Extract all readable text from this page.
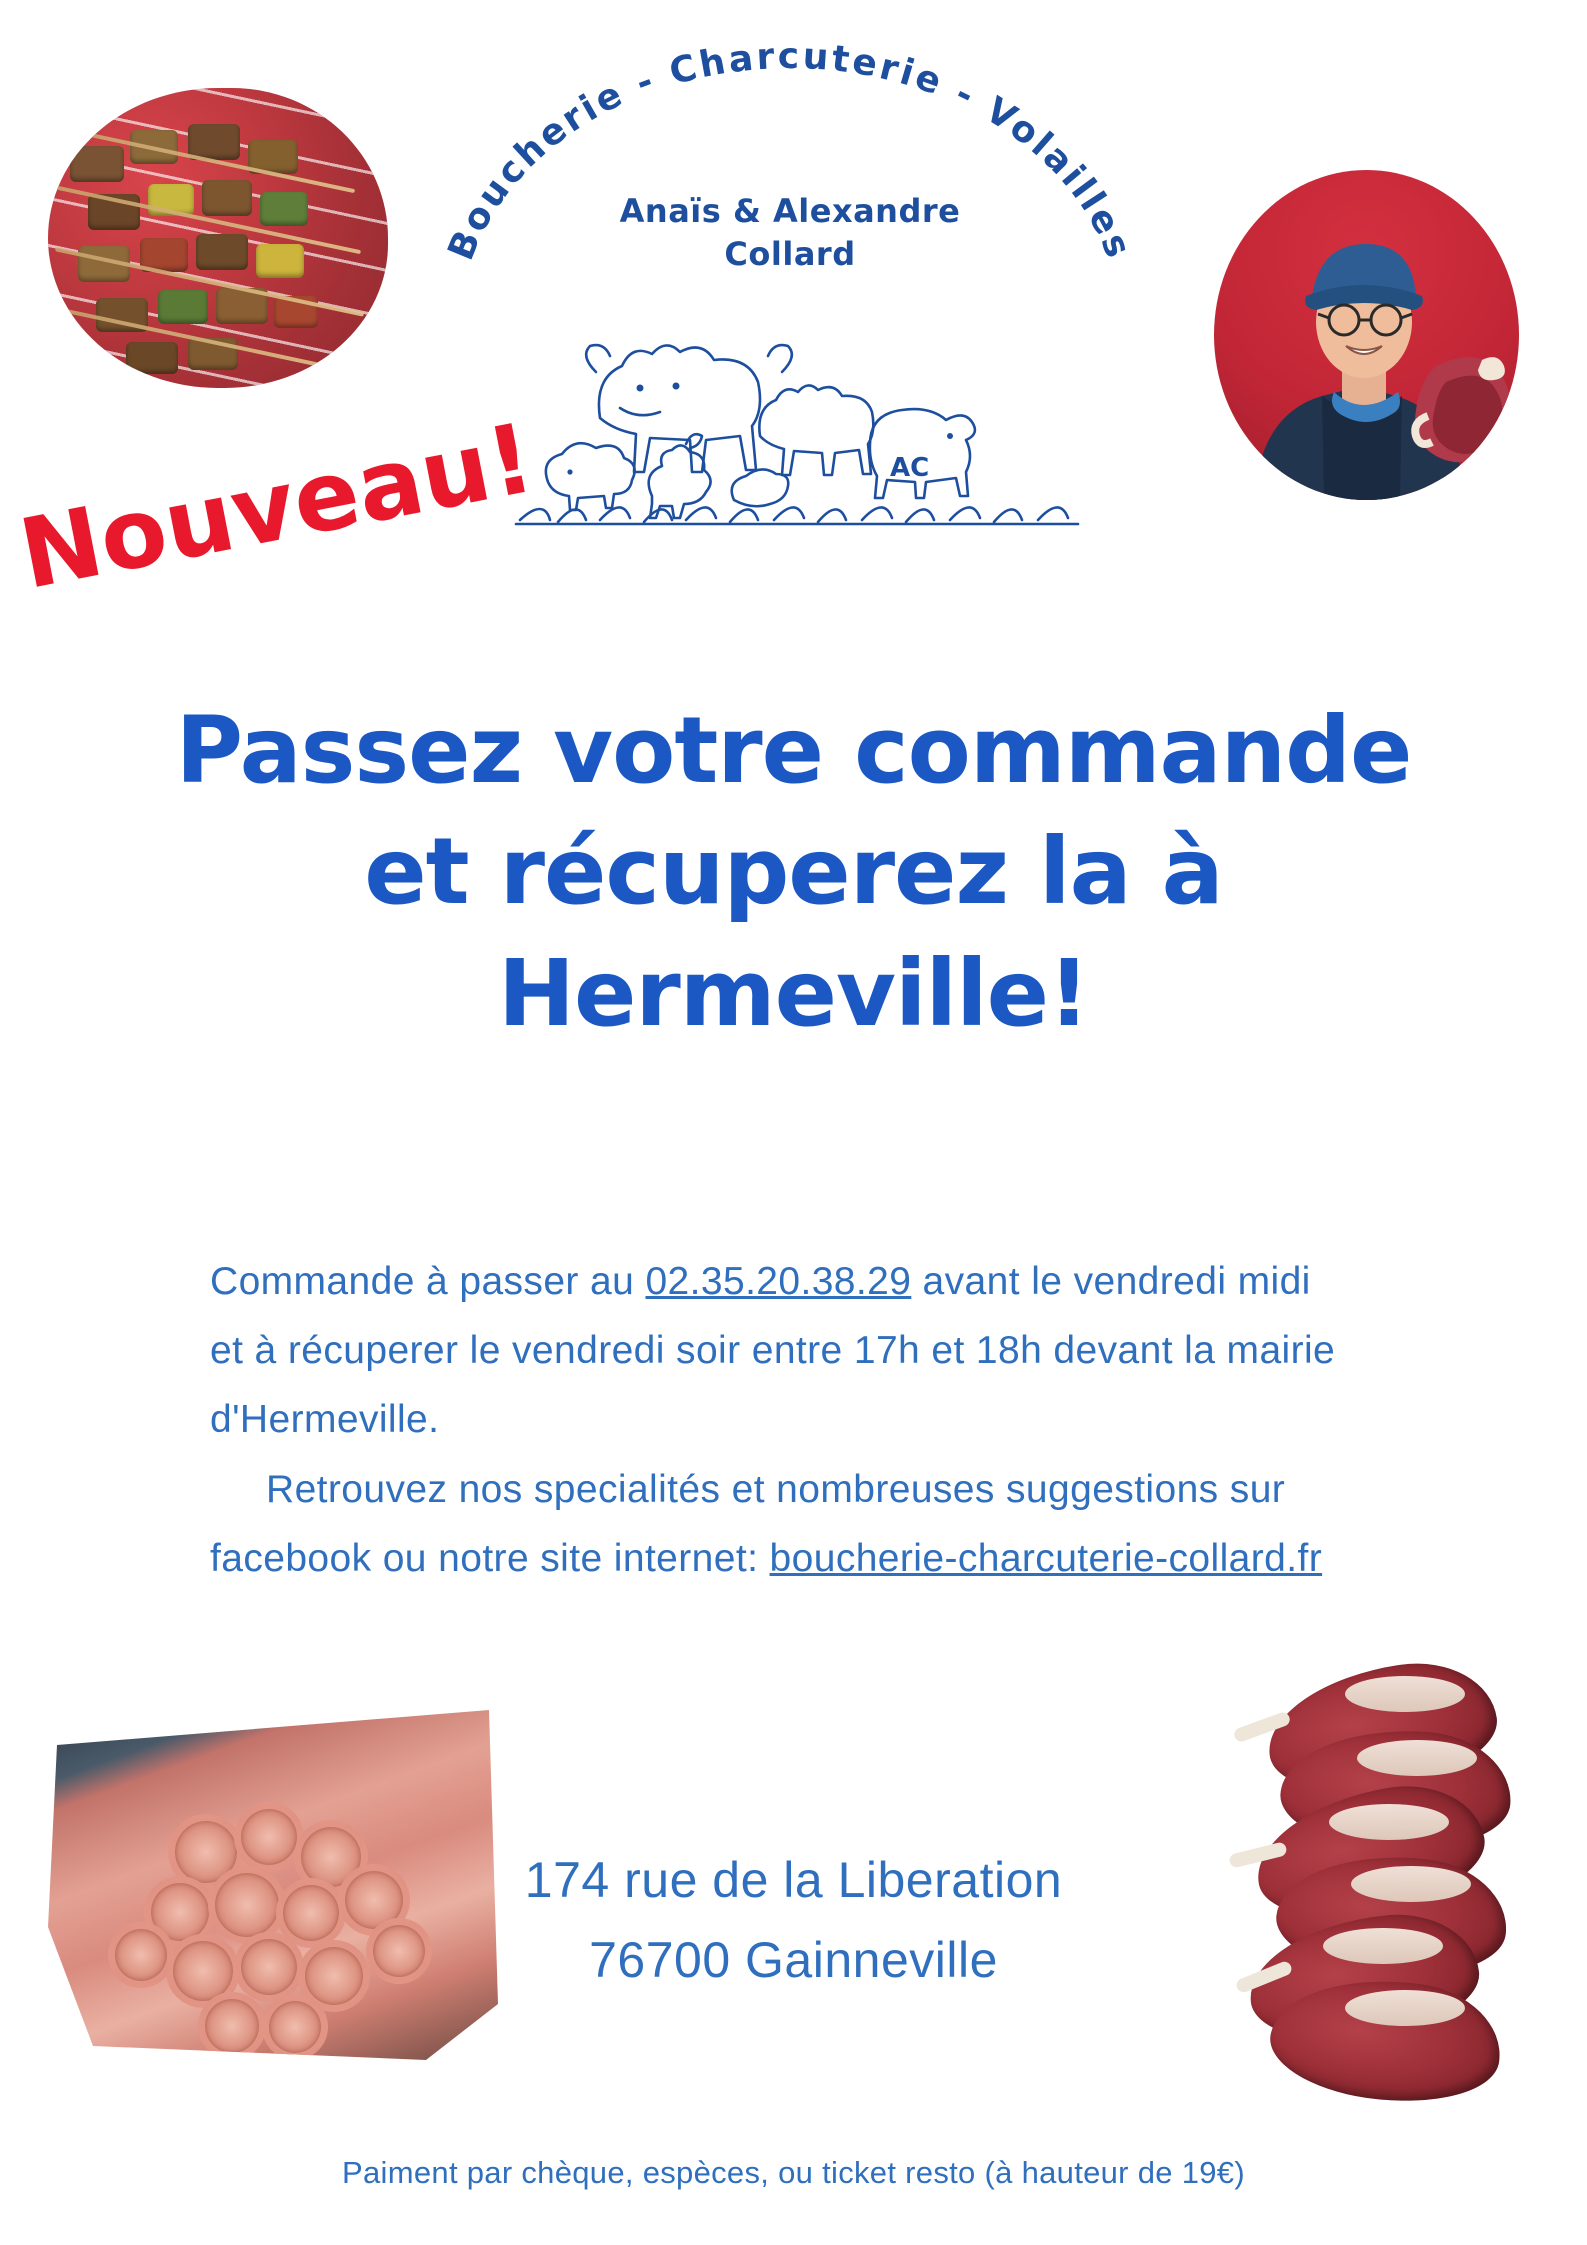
Boucherie - Charcuterie - Volailles
Anaïs & Alexandre
Collard
AC
Nouveau!
Passez votre commande
et récuperez la à
Hermeville!

Commande à passer au 02.35.20.38.29 avant le vendredi midi

et à récuperer le vendredi soir entre 17h et 18h devant la mairie

d'Hermeville.

Retrouvez nos specialités et nombreuses suggestions sur

facebook ou notre site internet: boucherie-charcuterie-collard.fr

174 rue de la Liberation
76700 Gainneville
Paiment par chèque, espèces, ou ticket resto (à hauteur de 19€)
